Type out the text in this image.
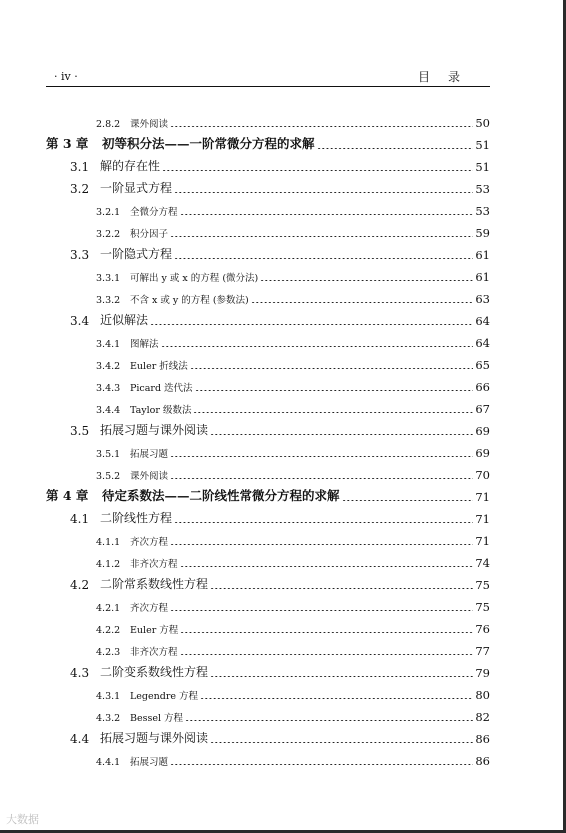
· iv ·	目录
2.8.2	课外阅读	50
第 3 章	初等积分法——一阶常微分方程的求解	51
3.1 解的存在性	51
3.2 一阶显式方程	53
3.2.1	全微分方程	53
3.2.2	积分因子	59
3.3 一阶隐式方程	61
3.3.1	可解出 y 或 x 的方程 (微分法)	61
3.3.2	不含 x 或 y 的方程 (参数法)	63
3.4 近似解法	64
3.4.1	图解法	64
3.4.2	Euler 折线法	65
3.4.3	Picard 迭代法	66
3.4.4	Taylor 级数法	67
3.5 拓展习题与课外阅读	69
3.5.1	拓展习题	69
3.5.2	课外阅读	70
第 4 章	待定系数法——二阶线性常微分方程的求解	71
4.1 二阶线性方程	71
4.1.1	齐次方程	71
4.1.2	非齐次方程	74
4.2 二阶常系数线性方程	75
4.2.1	齐次方程	75
4.2.2	Euler 方程	76
4.2.3	非齐次方程	77
4.3 二阶变系数线性方程	79
4.3.1	Legendre 方程	80
4.3.2	Bessel 方程	82
4.4 拓展习题与课外阅读	86
4.4.1	拓展习题	86
大数据
